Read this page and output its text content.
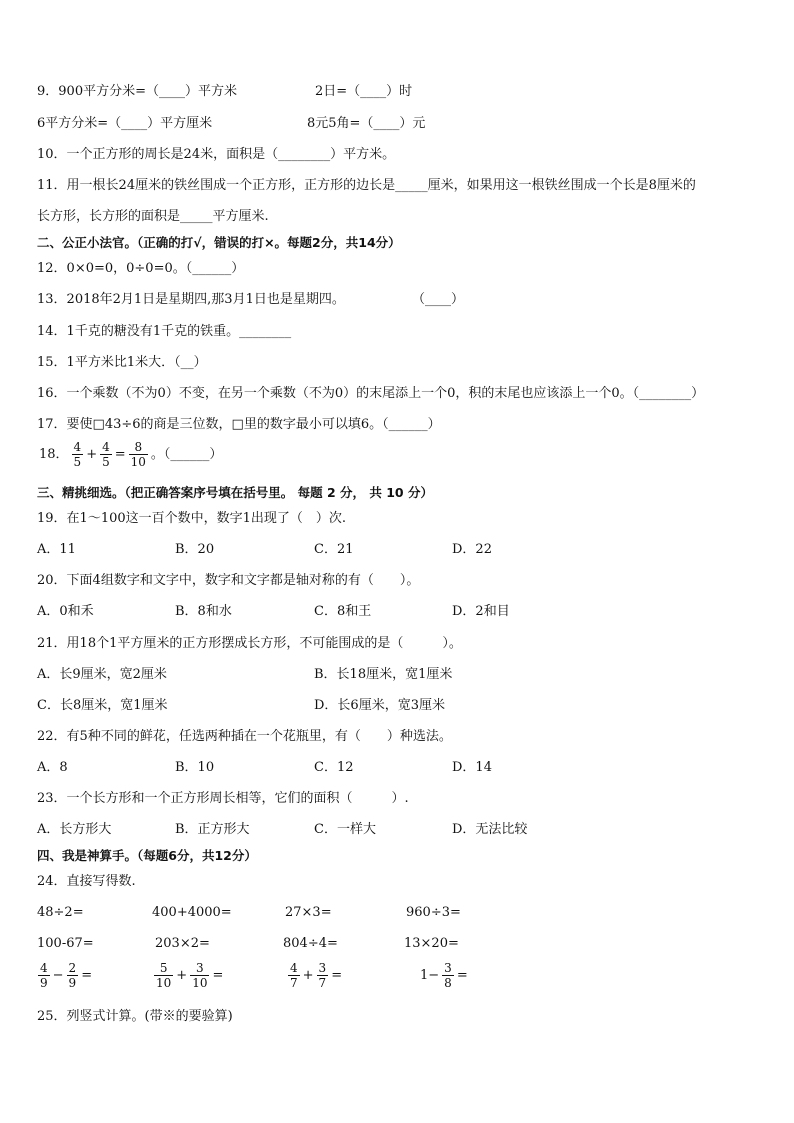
9．900平方分米=（____）平方米	2日=（____）时
6平方分米=（____）平方厘米	8元5角=（____）元
10．一个正方形的周长是24米，面积是（________）平方米。
11．用一根长24厘米的铁丝围成一个正方形，正方形的边长是_____厘米，如果用这一根铁丝围成一个长是8厘米的
长方形，长方形的面积是_____平方厘米.
二、公正小法官。（正确的打√，错误的打×。每题2分，共14分）
12．0×0=0，0÷0=0。（______）
13．2018年2月1日是星期四,那3月1日也是星期四。	（____）
14．1千克的糖没有1千克的铁重。________
15．1平方米比1米大．（__）
16．一个乘数（不为0）不变，在另一个乘数（不为0）的末尾添上一个0，积的末尾也应该添上一个0。（________）
17．要使□43÷6的商是三位数，□里的数字最小可以填6。（______）
18． $\frac{4}{5} + \frac{4}{5} = \frac{8}{10}$ 。（______）
三、精挑细选。（把正确答案序号填在括号里。 每题 2 分， 共 10 分）
19．在1～100这一百个数中，数字1出现了（　）次.
A．11	B．20	C．21	D．22
20．下面4组数字和文字中，数字和文字都是轴对称的有（　　）。
A．0和禾	B．8和水	C．8和王	D．2和目
21．用18个1平方厘米的正方形摆成长方形，不可能围成的是（　　　）。
A．长9厘米，宽2厘米	B．长18厘米，宽1厘米
C．长8厘米，宽1厘米	D．长6厘米，宽3厘米
22．有5种不同的鲜花，任选两种插在一个花瓶里，有（　　）种选法。
A．8	B．10	C．12	D．14
23．一个长方形和一个正方形周长相等，它们的面积（　　　）.
A．长方形大	B．正方形大	C．一样大	D．无法比较
四、我是神算手。（每题6分，共12分）
24．直接写得数.
48÷2=	400+4000=	27×3=	960÷3=
100-67=	203×2=	804÷4=	13×20=
$\frac{4}{9} - \frac{2}{9}$ =	$\frac{5}{10} + \frac{3}{10}$ =	$\frac{4}{7} + \frac{3}{7}$ =	$1- \frac{3}{8}$ =
25．列竖式计算。(带※的要验算)
